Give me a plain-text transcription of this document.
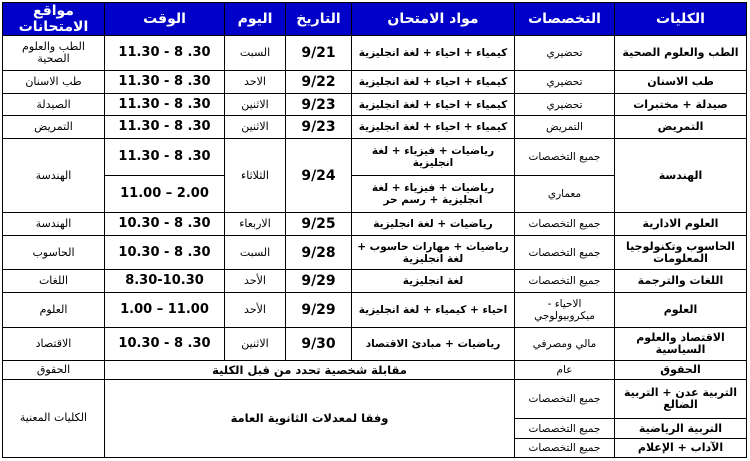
الكليات	التخصصات	مواد الامتحان	التاريخ	اليوم	الوقت	مواقع الامتحانات
الطب والعلوم الصحية	تحضيري	كيمياء + احياء + لغة انجليزية	9/21	السبت	11.30 - 8 .30	الطب والعلوم الصحية
طب الاسنان	تحضيري	كيمياء + احياء + لغة انجليزية	9/22	الاحد	11.30 - 8 .30	طب الاسنان
صيدلة + مختبرات	تحضيري	كيمياء + احياء + لغة انجليزية	9/23	الاثنين	11.30 - 8 .30	الصيدلة
التمريض	التمريض	كيمياء + احياء + لغة انجليزية	9/23	الاثنين	11.30 - 8 .30	التمريض
الهندسة	جميع التخصصات	رياضيات + فيزياء + لغة انجليزية	9/24	الثلاثاء	11.30 - 8 .30	الهندسة
	معماري	رياضيات + فيزياء + لغة انجليزية + رسم حر			11.00 – 2.00	
العلوم الادارية	جميع التخصصات	رياضيات + لغة انجليزية	9/25	الاربعاء	10.30 - 8 .30	الهندسة
الحاسوب وتكنولوجيا المعلومات	جميع التخصصات	رياضيات + مهارات حاسوب + لغة انجليزية	9/28	السبت	10.30 - 8 .30	الحاسوب
اللغات والترجمة	جميع التخصصات	لغة انجليزية	9/29	الأحد	8.30-10.30	اللغات
العلوم	الاحياء - ميكروبيولوجي	احياء + كيمياء + لغة انجليزية	9/29	الأحد	1.00 – 11.00	العلوم
الاقتصاد والعلوم السياسية	مالي ومصرفي	رياضيات + مبادئ الاقتصاد	9/30	الاثنين	10.30 - 8 .30	الاقتصاد
الحقوق	عام	مقابلة شخصية تحدد من قبل الكلية				الحقوق
التربية عدن + التربية الضالع	جميع التخصصات	وفقا لمعدلات الثانوية العامة				الكليات المعنية
التربية الرياضية	جميع التخصصات					
الآداب + الإعلام	جميع التخصصات					
